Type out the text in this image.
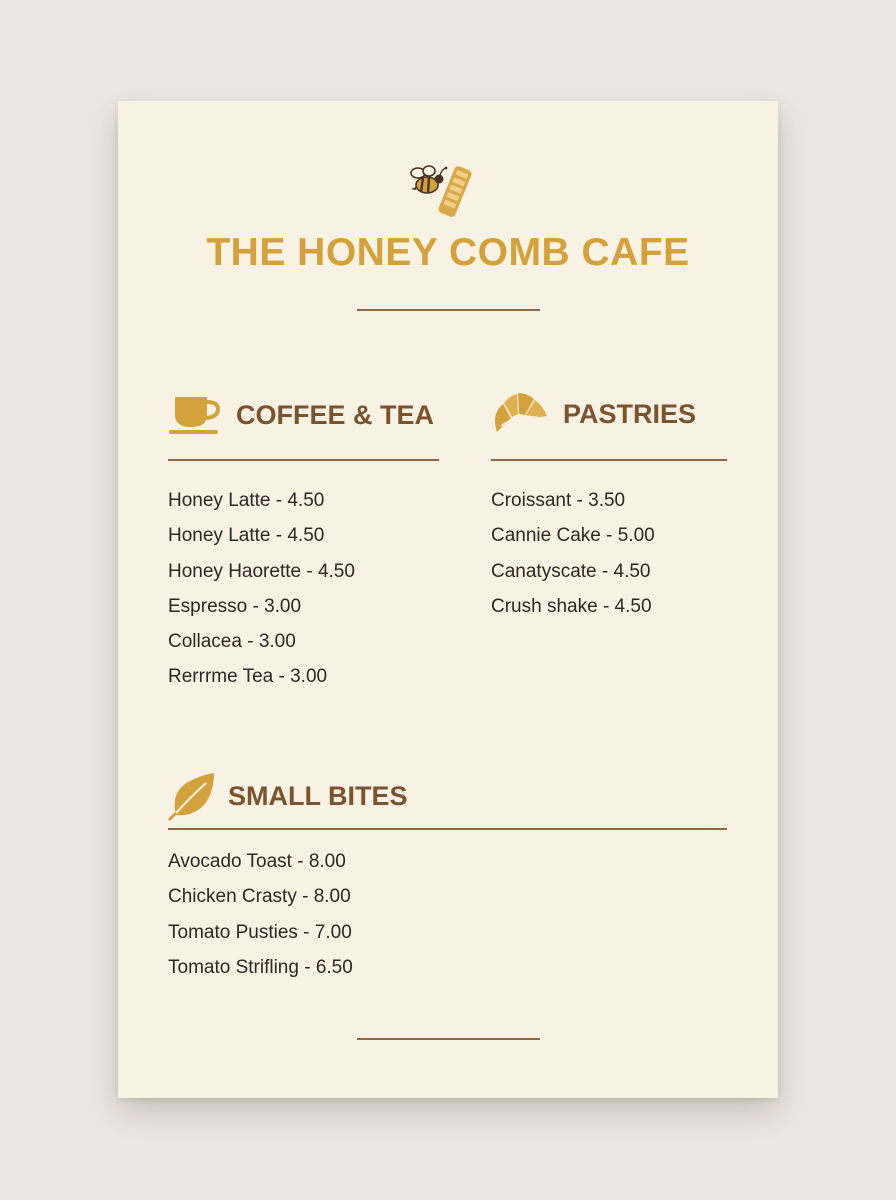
THE HONEY COMB CAFE
COFFEE & TEA
Honey Latte - 4.50
Honey Latte - 4.50
Honey Haorette - 4.50
Espresso - 3.00
Collacea - 3.00
Rerrrme Tea - 3.00
PASTRIES
Croissant - 3.50
Cannie Cake - 5.00
Canatyscate - 4.50
Crush shake - 4.50
SMALL BITES
Avocado Toast - 8.00
Chicken Crasty - 8.00
Tomato Pusties - 7.00
Tomato Strifling - 6.50
